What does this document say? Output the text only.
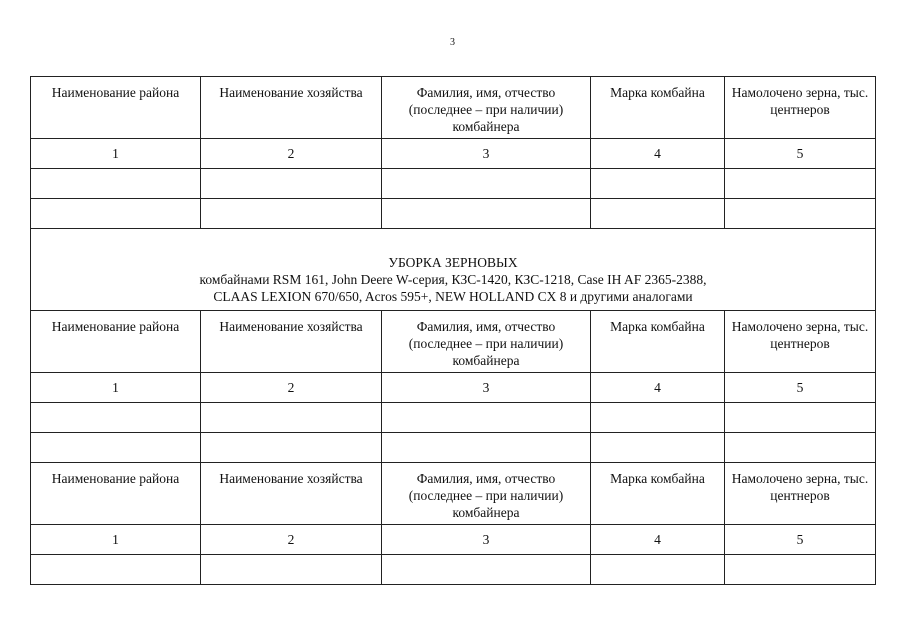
3
Наименование района	Наименование хозяйства	Фамилия, имя, отчество (последнее – при наличии) комбайнера	Марка комбайна	Намолочено зерна, тыс. центнеров
1	2	3	4	5

УБОРКА ЗЕРНОВЫХ
комбайнами RSM 161, John Deere W-серия, КЗС-1420, КЗС-1218, Case IH AF 2365-2388,
CLAAS LEXION 670/650, Acros 595+, NEW HOLLAND CX 8 и другими аналогами				

Наименование района	Наименование хозяйства	Фамилия, имя, отчество (последнее – при наличии) комбайнера	Марка комбайна	Намолочено зерна, тыс. центнеров
1	2	3	4	5

Наименование района	Наименование хозяйства	Фамилия, имя, отчество (последнее – при наличии) комбайнера	Марка комбайна	Намолочено зерна, тыс. центнеров
1	2	3	4	5
